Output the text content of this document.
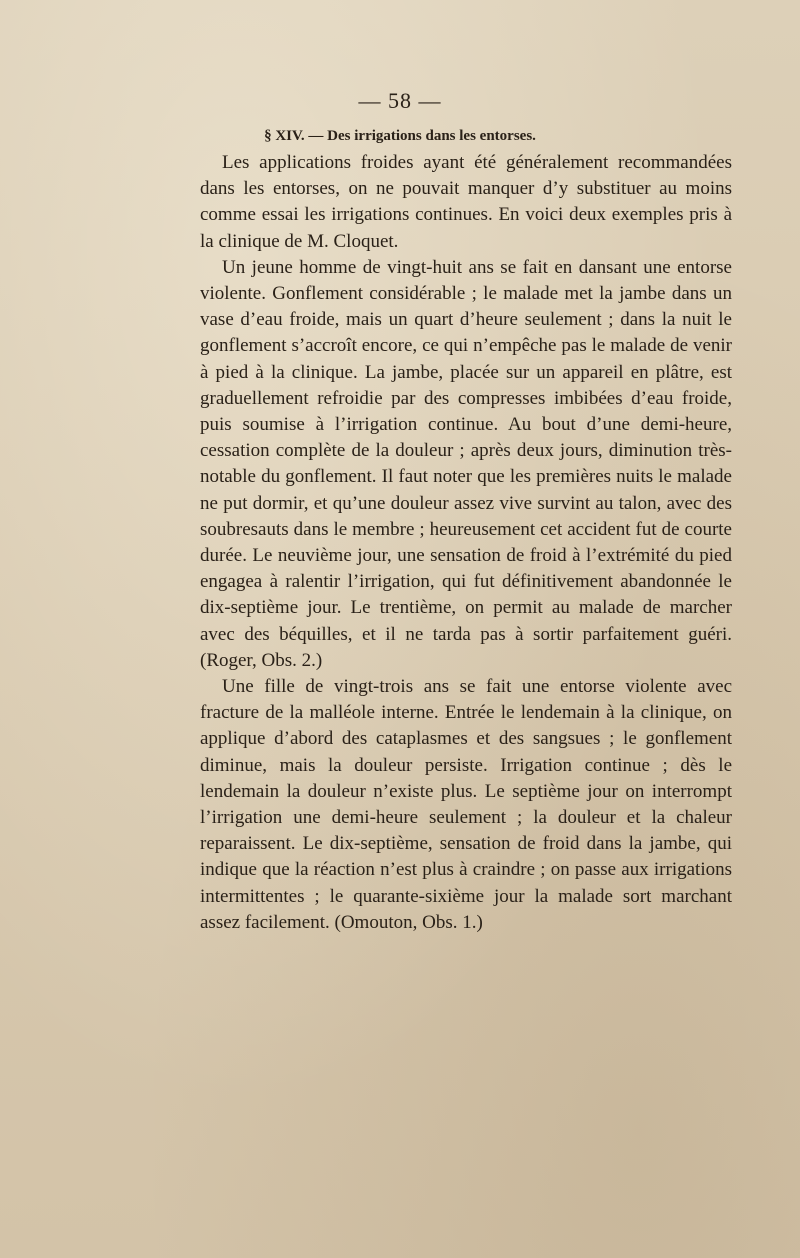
— 58 —
§ XIV. — Des irrigations dans les entorses.

Les applications froides ayant été généralement recommandées dans les entorses, on ne pouvait manquer d’y substituer au moins comme essai les irrigations continues. En voici deux exemples pris à la clinique de M. Cloquet.

Un jeune homme de vingt-huit ans se fait en dansant une entorse violente. Gonflement considérable ; le malade met la jambe dans un vase d’eau froide, mais un quart d’heure seulement ; dans la nuit le gonflement s’accroît encore, ce qui n’empêche pas le malade de venir à pied à la clinique. La jambe, placée sur un appareil en plâtre, est graduellement refroidie par des compresses imbibées d’eau froide, puis soumise à l’irrigation continue. Au bout d’une demi-heure, cessation complète de la douleur ; après deux jours, diminution très-notable du gonflement. Il faut noter que les premières nuits le malade ne put dormir, et qu’une douleur assez vive survint au talon, avec des soubresauts dans le membre ; heureusement cet accident fut de courte durée. Le neuvième jour, une sensation de froid à l’extrémité du pied engagea à ralentir l’irrigation, qui fut définitivement abandonnée le dix-septième jour. Le trentième, on permit au malade de marcher avec des béquilles, et il ne tarda pas à sortir parfaitement guéri. (Roger, Obs. 2.)

Une fille de vingt-trois ans se fait une entorse violente avec fracture de la malléole interne. Entrée le lendemain à la clinique, on applique d’abord des cataplasmes et des sangsues ; le gonflement diminue, mais la douleur persiste. Irrigation continue ; dès le lendemain la douleur n’existe plus. Le septième jour on interrompt l’irrigation une demi-heure seulement ; la douleur et la chaleur reparaissent. Le dix-septième, sensation de froid dans la jambe, qui indique que la réaction n’est plus à craindre ; on passe aux irrigations intermittentes ; le quarante-sixième jour la malade sort marchant assez facilement. (Omouton, Obs. 1.)
